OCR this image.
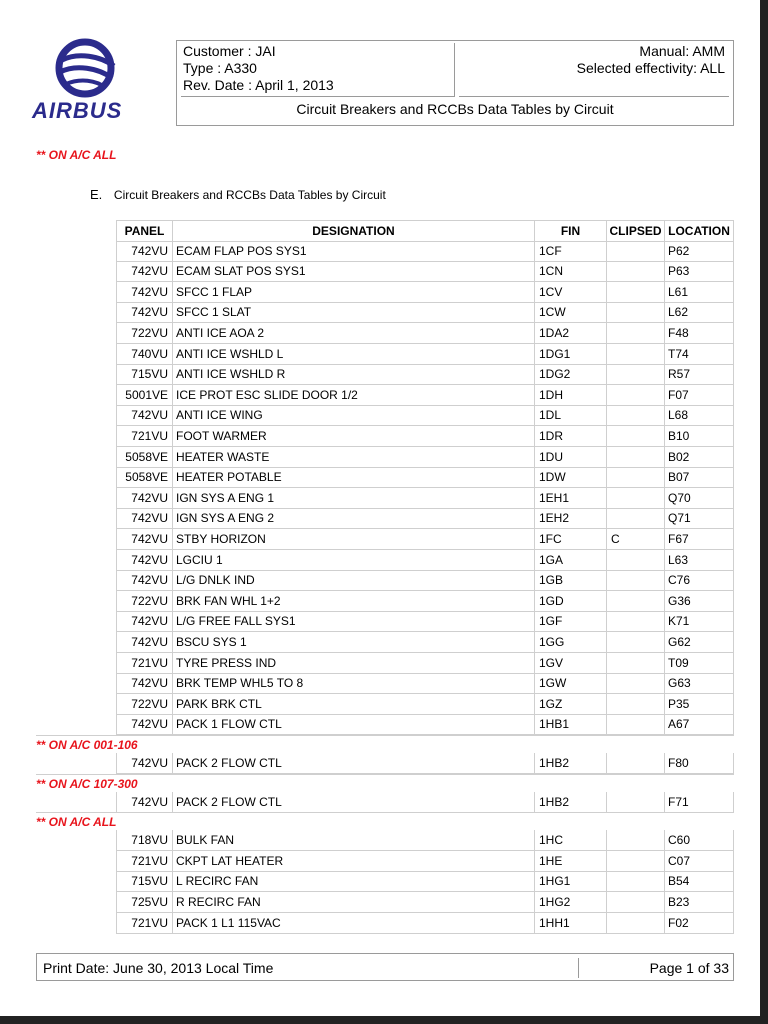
AIRBUS
Customer : JAI
Type : A330
Rev. Date : April 1, 2013
Manual: AMM
Selected effectivity: ALL
Circuit Breakers and RCCBs Data Tables by Circuit
** ON A/C ALL
E. Circuit Breakers and RCCBs Data Tables by Circuit
PANEL	DESIGNATION	FIN	CLIPSED LOCATION
742VU ECAM FLAP POS SYS1	1CF	P62
742VU ECAM SLAT POS SYS1	1CN	P63
742VU SFCC 1 FLAP	1CV	L61
742VU SFCC 1 SLAT	1CW	L62
722VU ANTI ICE AOA 2	1DA2	F48
740VU ANTI ICE WSHLD L	1DG1	T74
715VU ANTI ICE WSHLD R	1DG2	R57
5001VE ICE PROT ESC SLIDE DOOR 1/2	1DH	F07
742VU ANTI ICE WING	1DL	L68
721VU FOOT WARMER	1DR	B10
5058VE HEATER WASTE	1DU	B02
5058VE HEATER POTABLE	1DW	B07
742VU IGN SYS A ENG 1	1EH1	Q70
742VU IGN SYS A ENG 2	1EH2	Q71
742VU STBY HORIZON	1FC	C	F67
742VU LGCIU 1	1GA	L63
742VU L/G DNLK IND	1GB	C76
722VU BRK FAN WHL 1+2	1GD	G36
742VU L/G FREE FALL SYS1	1GF	K71
742VU BSCU SYS 1	1GG	G62
721VU TYRE PRESS IND	1GV	T09
742VU BRK TEMP WHL5 TO 8	1GW	G63
722VU PARK BRK CTL	1GZ	P35
742VU PACK 1 FLOW CTL	1HB1	A67
** ON A/C 001-106
742VU PACK 2 FLOW CTL	1HB2	F80
** ON A/C 107-300
742VU PACK 2 FLOW CTL	1HB2	F71
** ON A/C ALL
718VU BULK FAN	1HC	C60
721VU CKPT LAT HEATER	1HE	C07
715VU L RECIRC FAN	1HG1	B54
725VU R RECIRC FAN	1HG2	B23
721VU PACK 1 L1 115VAC	1HH1	F02
Print Date: June 30, 2013 Local Time	Page 1 of 33
